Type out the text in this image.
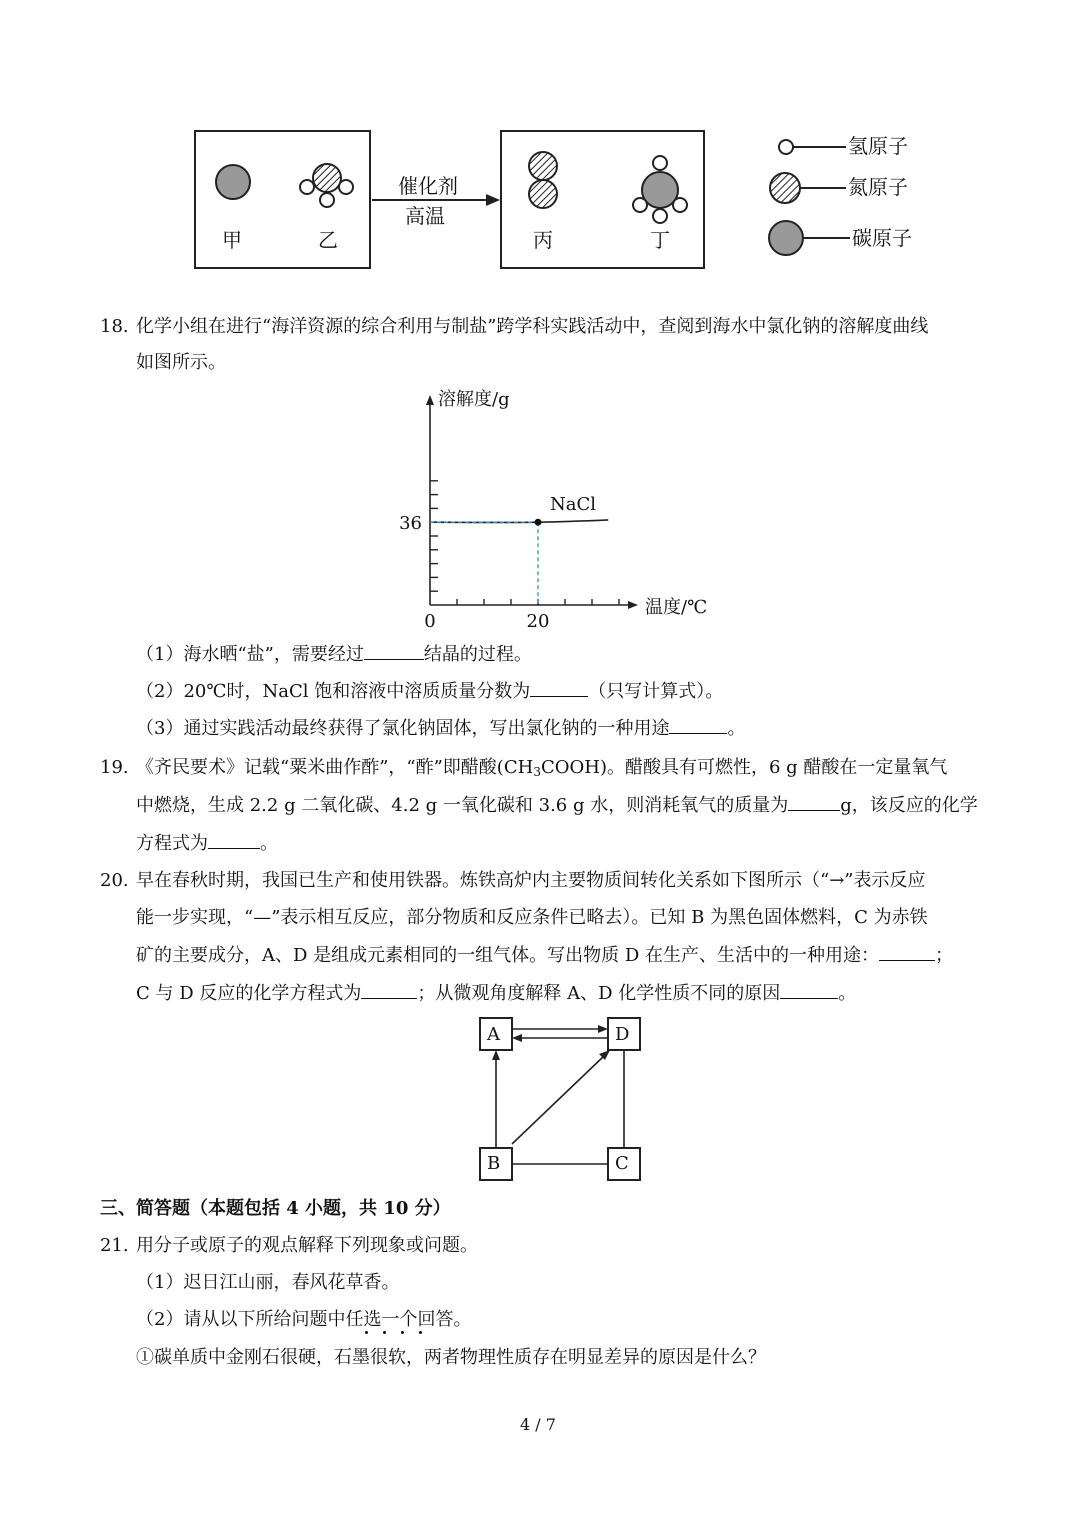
甲	乙
催化剂
高温
丙	丁
氢原子
氮原子
碳原子
18. 化学小组在进行“海洋资源的综合利用与制盐”跨学科实践活动中，查阅到海水中氯化钠的溶解度曲线
如图所示。
溶解度/g
温度/℃
NaCl
36
0	20
（1）海水晒“盐”，需要经过	结晶的过程。
（2）20℃时，NaCl 饱和溶液中溶质质量分数为	（只写计算式）。
（3）通过实践活动最终获得了氯化钠固体，写出氯化钠的一种用途	。
19. 《齐民要术》记载“粟米曲作酢”，“酢”即醋酸$(CH_3COOH)$。醋酸具有可燃性，6 g 醋酸在一定量氧气
中燃烧，生成 2.2 g 二氧化碳、4.2 g 一氧化碳和 3.6 g 水，则消耗氧气的质量为	g，该反应的化学
方程式为	。
20. 早在春秋时期，我国已生产和使用铁器。炼铁高炉内主要物质间转化关系如下图所示（“→”表示反应
能一步实现，“—”表示相互反应，部分物质和反应条件已略去）。已知 B 为黑色固体燃料，C 为赤铁
矿的主要成分，A、D 是组成元素相同的一组气体。写出物质 D 在生产、生活中的一种用途：	；
C 与 D 反应的化学方程式为	；从微观角度解释 A、D 化学性质不同的原因	。
A	D
B	C
三、简答题（本题包括 4 小题，共 10 分）
21. 用分子或原子的观点解释下列现象或问题。
（1）迟日江山丽，春风花草香。
（2）请从以下所给问题中任选一个回答。
①碳单质中金刚石很硬，石墨很软，两者物理性质存在明显差异的原因是什么？
4 / 7
